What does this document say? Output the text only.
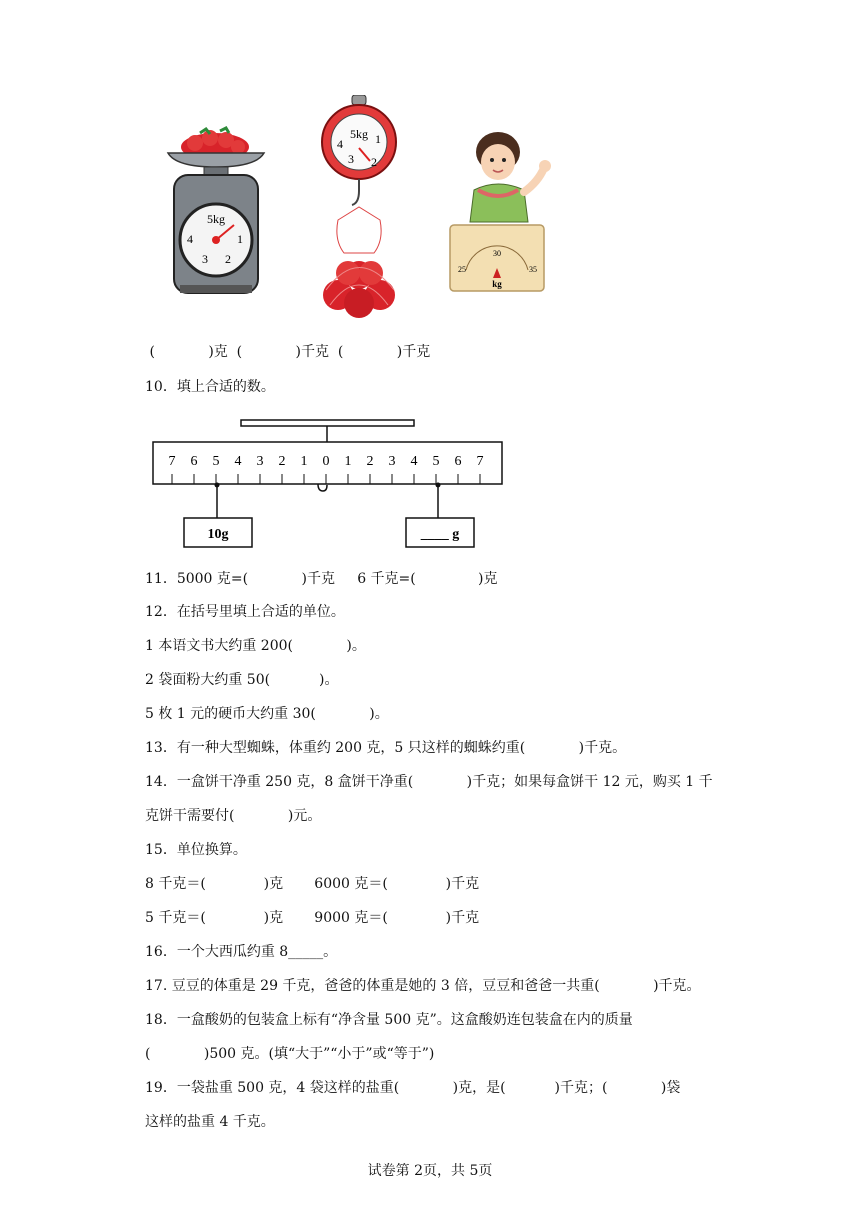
5kg
4	1
3 2
5kg
4	1
3 2
25
30
35
kg
(            )克  (            )千克  (            )千克
10．填上合适的数。
7 6 5 4 3 2 1 0 1 2 3 4 5 6 7
10g	____ g
11．5000 克=(            )千克     6 千克=(              )克
12．在括号里填上合适的单位。
1 本语文书大约重 200(            )。
2 袋面粉大约重 50(           )。
5 枚 1 元的硬币大约重 30(            )。
13．有一种大型蜘蛛，体重约 200 克，5 只这样的蜘蛛约重(            )千克。
14．一盒饼干净重 250 克，8 盒饼干净重(            )千克；如果每盒饼干 12 元，购买 1 千
克饼干需要付(            )元。
15．单位换算。
8 千克＝(             )克       6000 克＝(             )千克
5 千克＝(             )克       9000 克＝(             )千克
16．一个大西瓜约重 8_____。
17. 豆豆的体重是 29 千克，爸爸的体重是她的 3 倍，豆豆和爸爸一共重(            )千克。
18．一盒酸奶的包装盒上标有“净含量 500 克”。这盒酸奶连包装盒在内的质量
(            )500 克。(填“大于”“小于”或“等于”)
19．一袋盐重 500 克，4 袋这样的盐重(            )克，是(           )千克；(            )袋
这样的盐重 4 千克。
试卷第 2页，共 5页
